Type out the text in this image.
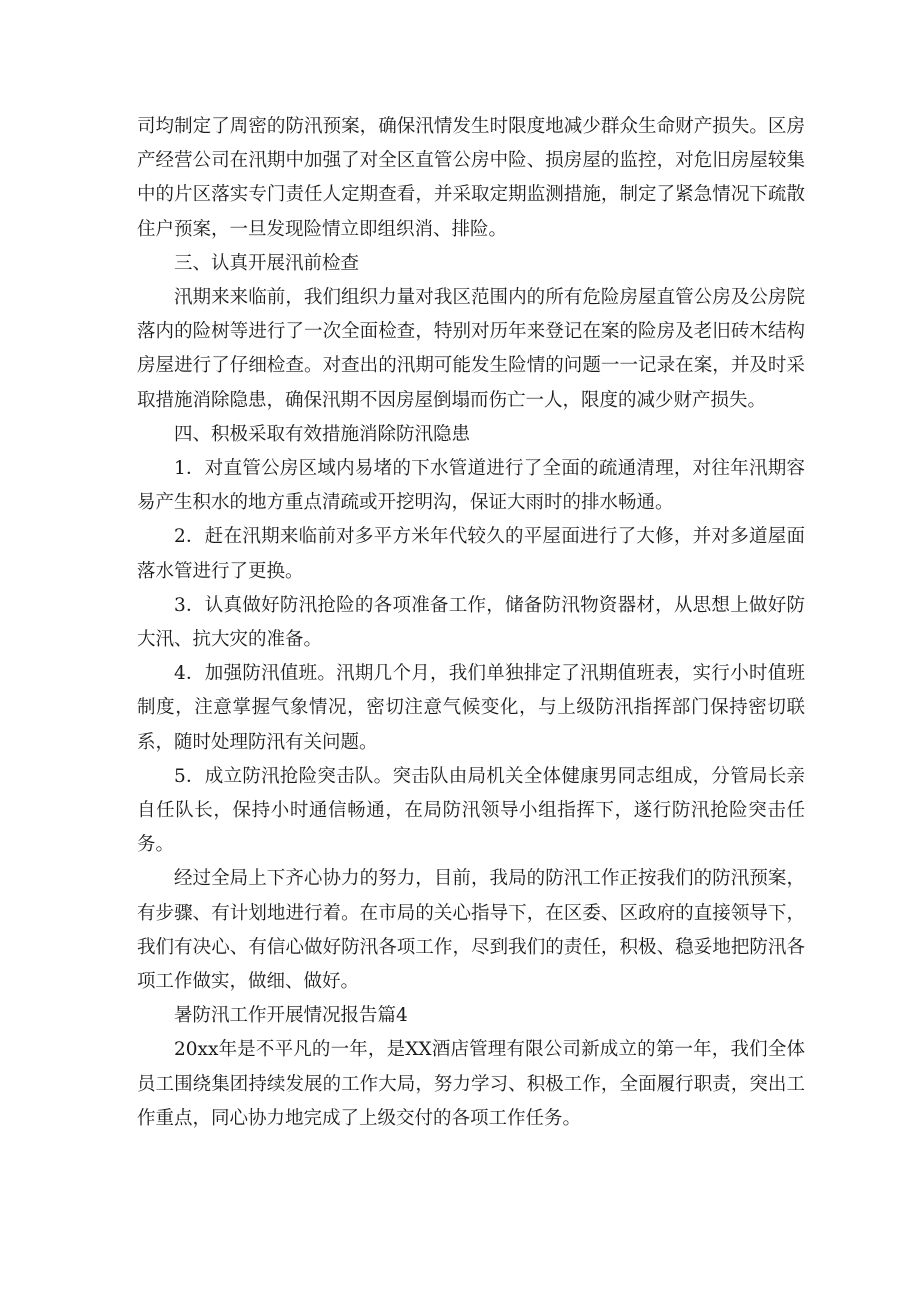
司均制定了周密的防汛预案，确保汛情发生时限度地减少群众生命财产损失。区房产经营公司在汛期中加强了对全区直管公房中险、损房屋的监控，对危旧房屋较集中的片区落实专门责任人定期查看，并采取定期监测措施，制定了紧急情况下疏散住户预案，一旦发现险情立即组织消、排险。

三、认真开展汛前检查

汛期来来临前，我们组织力量对我区范围内的所有危险房屋直管公房及公房院落内的险树等进行了一次全面检查，特别对历年来登记在案的险房及老旧砖木结构房屋进行了仔细检查。对查出的汛期可能发生险情的问题一一记录在案，并及时采取措施消除隐患，确保汛期不因房屋倒塌而伤亡一人，限度的减少财产损失。

四、积极采取有效措施消除防汛隐患

1．对直管公房区域内易堵的下水管道进行了全面的疏通清理，对往年汛期容易产生积水的地方重点清疏或开挖明沟，保证大雨时的排水畅通。

2．赶在汛期来临前对多平方米年代较久的平屋面进行了大修，并对多道屋面落水管进行了更换。

3．认真做好防汛抢险的各项准备工作，储备防汛物资器材，从思想上做好防大汛、抗大灾的准备。

4．加强防汛值班。汛期几个月，我们单独排定了汛期值班表，实行小时值班制度，注意掌握气象情况，密切注意气候变化，与上级防汛指挥部门保持密切联系，随时处理防汛有关问题。

5．成立防汛抢险突击队。突击队由局机关全体健康男同志组成，分管局长亲自任队长，保持小时通信畅通，在局防汛领导小组指挥下，遂行防汛抢险突击任务。

经过全局上下齐心协力的努力，目前，我局的防汛工作正按我们的防汛预案，有步骤、有计划地进行着。在市局的关心指导下，在区委、区政府的直接领导下，我们有决心、有信心做好防汛各项工作，尽到我们的责任，积极、稳妥地把防汛各项工作做实，做细、做好。

暑防汛工作开展情况报告篇4

20xx年是不平凡的一年，是XX酒店管理有限公司新成立的第一年，我们全体员工围绕集团持续发展的工作大局，努力学习、积极工作，全面履行职责，突出工作重点，同心协力地完成了上级交付的各项工作任务。
